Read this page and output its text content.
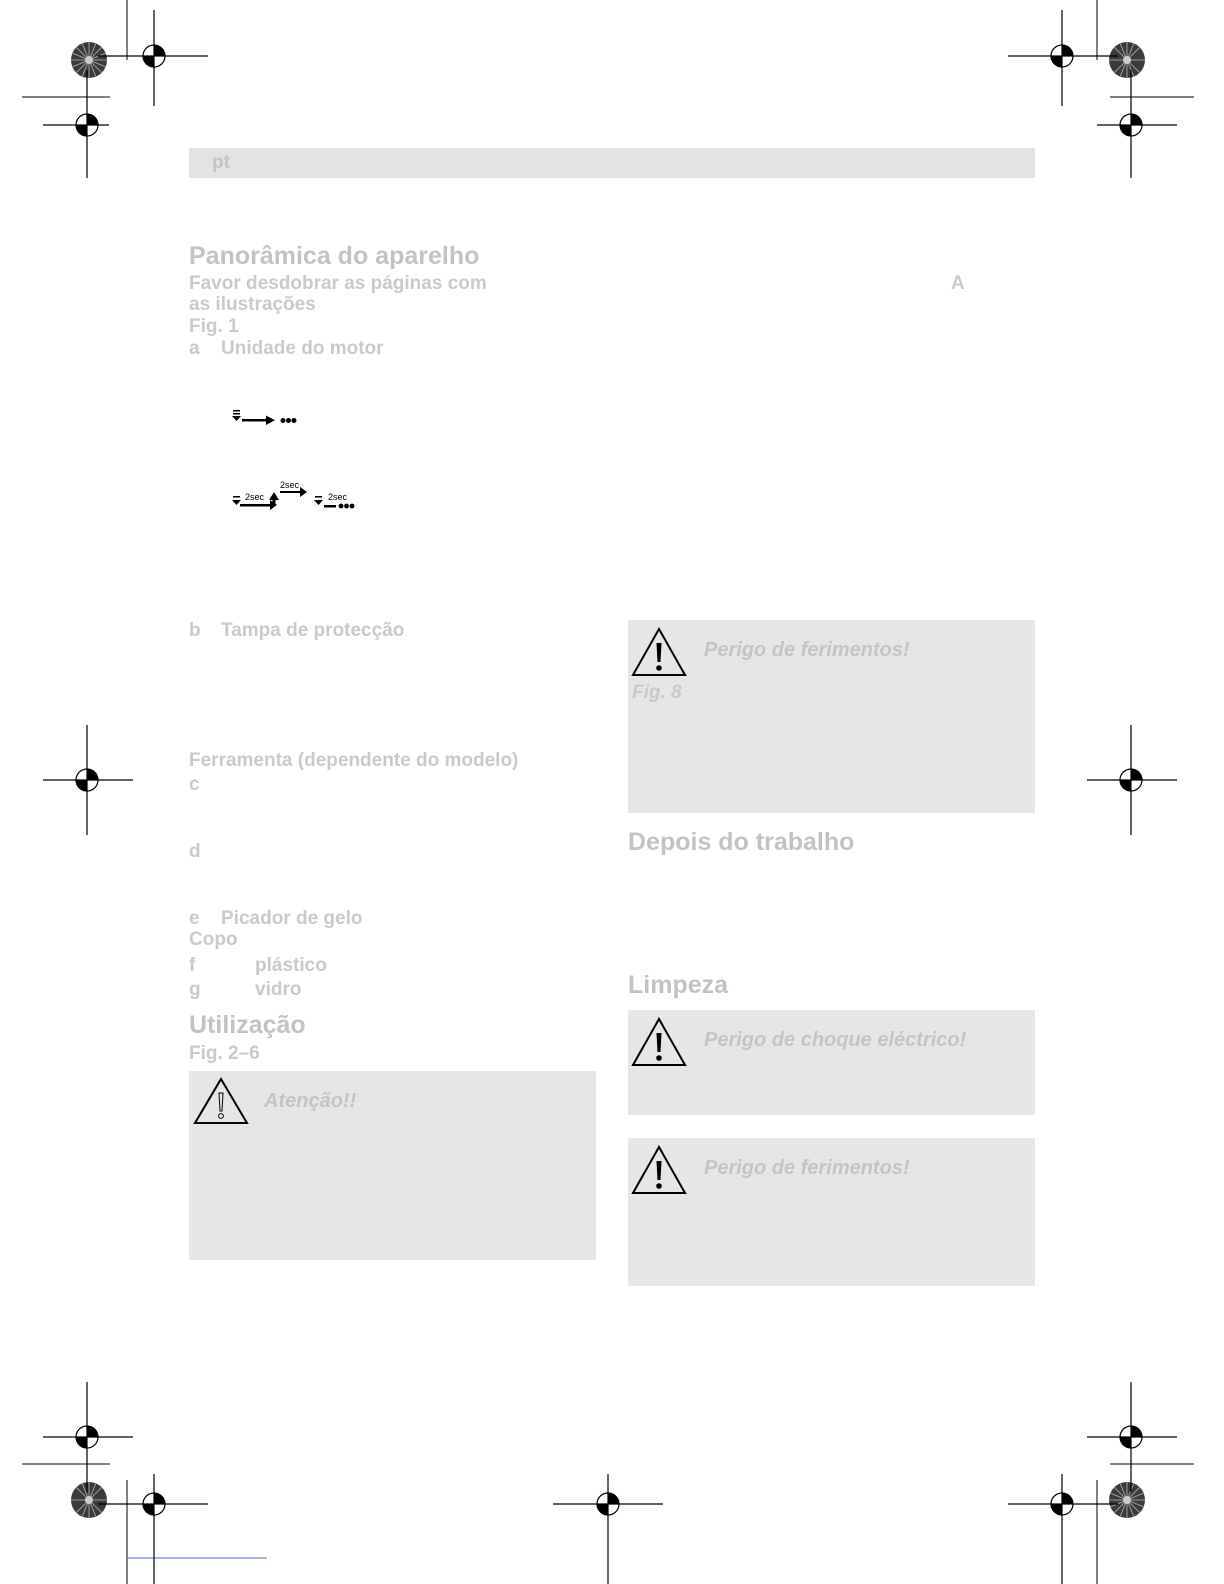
pt
Panorâmica do aparelho
Favor desdobrar as páginas com	A
as ilustrações
Fig. 1
a Unidade do motor
2sec
2sec
2sec
b Tampa de protecção
Ferramenta (dependente do modelo)
c
d
e Picador de gelo
Copo
f	plástico
g	vidro
Utilização
Fig. 2–6
Atenção!!
Perigo de ferimentos!
Fig. 8
Depois do trabalho
Limpeza
Perigo de choque eléctrico!
Perigo de ferimentos!
